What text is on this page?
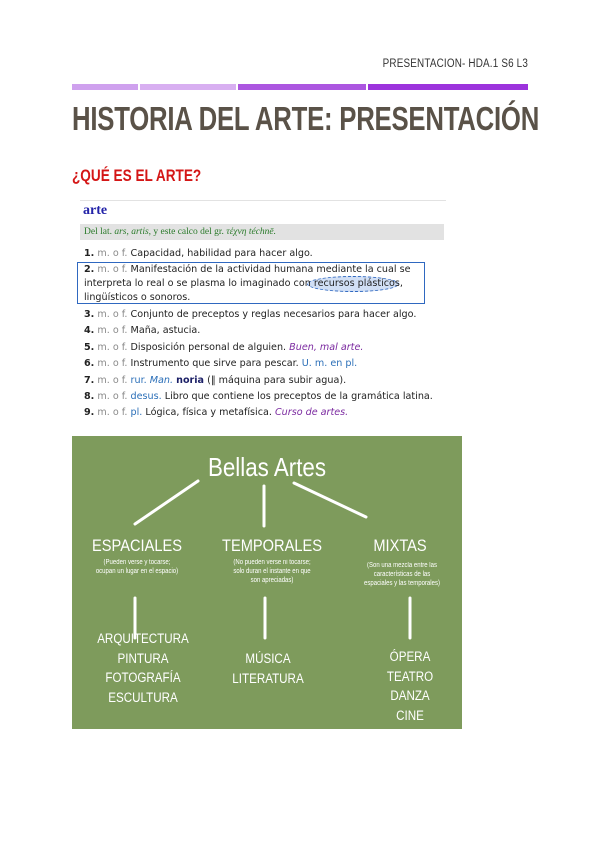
PRESENTACION- HDA.1 S6 L3
HISTORIA DEL ARTE: PRESENTACIÓN
¿QUÉ ES EL ARTE?
arte
Del lat. ars, artis, y este calco del gr. τέχνη téchnē.
1. m. o f. Capacidad, habilidad para hacer algo.
2. m. o f. Manifestación de la actividad humana mediante la cual se
interpreta lo real o se plasma lo imaginado con recursos plásticos,
lingüísticos o sonoros.
3. m. o f. Conjunto de preceptos y reglas necesarios para hacer algo.
4. m. o f. Maña, astucia.
5. m. o f. Disposición personal de alguien. Buen, mal arte.
6. m. o f. Instrumento que sirve para pescar. U. m. en pl.
7. m. o f. rur. Man. noria (‖ máquina para subir agua).
8. m. o f. desus. Libro que contiene los preceptos de la gramática latina.
9. m. o f. pl. Lógica, física y metafísica. Curso de artes.
Bellas Artes
ESPACIALES
(Pueden verse y tocarse;
ocupan un lugar en el espacio)
ARQUITECTURA
PINTURA
FOTOGRAFÍA
ESCULTURA
TEMPORALES
(No pueden verse ni tocarse;
solo duran el instante en que
son apreciadas)
MÚSICA
LITERATURA
MIXTAS
(Son una mezcla entre las
características de las
espaciales y las temporales)
ÓPERA
TEATRO
DANZA
CINE
